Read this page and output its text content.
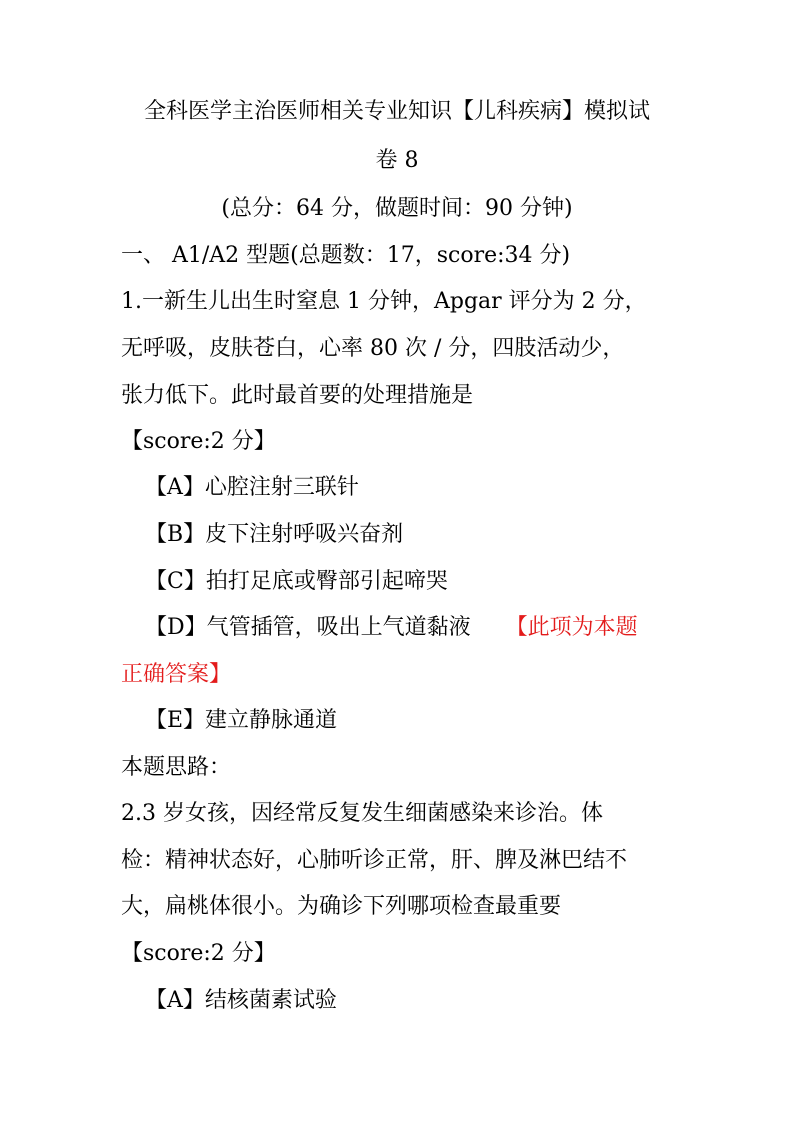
全科医学主治医师相关专业知识【儿科疾病】模拟试
卷 8
(总分：64 分，做题时间：90 分钟)
一、 A1/A2 型题(总题数：17，score:34 分)
1.一新生儿出生时窒息 1 分钟，Apgar 评分为 2 分，
无呼吸，皮肤苍白，心率 80 次 / 分，四肢活动少，
张力低下。此时最首要的处理措施是
【score:2 分】
【A】心腔注射三联针
【B】皮下注射呼吸兴奋剂
【C】拍打足底或臀部引起啼哭
【D】气管插管，吸出上气道黏液 【此项为本题
正确答案】
【E】建立静脉通道
本题思路：
2.3 岁女孩，因经常反复发生细菌感染来诊治。体
检：精神状态好，心肺听诊正常，肝、脾及淋巴结不
大，扁桃体很小。为确诊下列哪项检查最重要
【score:2 分】
【A】结核菌素试验
